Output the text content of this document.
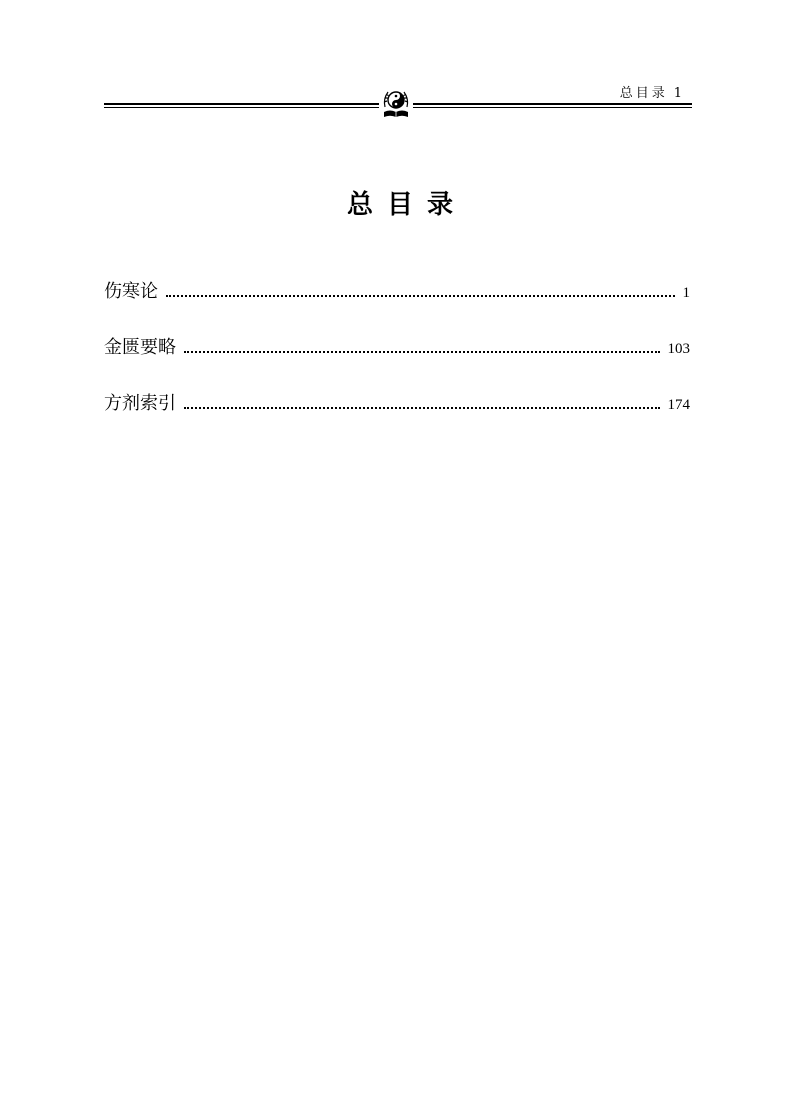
总目录 1
总目录
伤寒论	1
金匮要略	103
方剂索引	174
